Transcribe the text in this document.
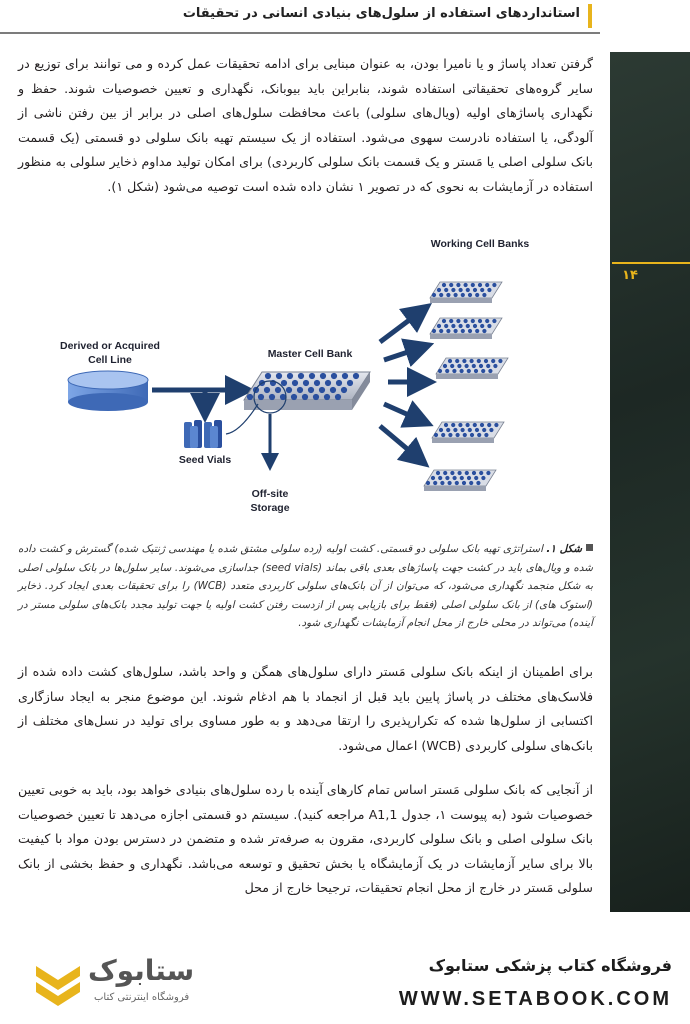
استانداردهای استفاده از سلول‌های بنیادی انسانی در تحقیقات
۱۴

گرفتن تعداد پاساژ و یا نامیرا بودن، به عنوان مبنایی برای ادامه تحقیقات عمل کرده و می توانند برای توزیع در سایر گروه‌های تحقیقاتی استفاده شوند، بنابراین باید بیوبانک، نگهداری و تعیین خصوصیات شوند. حفظ و نگهداری پاساژهای اولیه (ویال‌های سلولی) باعث محافظت سلول‌های اصلی در برابر از بین رفتن ناشی از آلودگی، یا استفاده نادرست سهوی می‌شود. استفاده از یک سیستم تهیه بانک سلولی دو قسمتی (یک قسمت بانک سلولی اصلی یا مَستر و یک قسمت بانک سلولی کاربردی) برای امکان تولید مداوم ذخایر سلولی به منظور استفاده در آزمایشات به نحوی که در تصویر ۱ نشان داده شده است توصیه می‌شود (شکل ۱).

Working Cell Banks
Derived or Acquired
Cell Line	Master Cell Bank
Seed Vials
Off-site
Storage

شکل ۱. استراتژی تهیه بانک سلولی دو قسمتی. کشت اولیه (رده سلولی مشتق شده یا مهندسی ژنتیک شده) گسترش و کشت داده شده و ویال‌های باید در کشت جهت پاساژهای بعدی باقی بماند (seed vials) جداسازی می‌شوند. سایر سلول‌ها در بانک سلولی اصلی به شکل منجمد نگهداری می‌شود، که می‌توان از آن بانک‌های سلولی کاربردی متعدد (WCB) را برای تحقیقات بعدی ایجاد کرد. ذخایر (استوک‌ های) از بانک سلولی اصلی (فقط برای بازیابی پس از ازدست رفتن کشت اولیه یا جهت تولید مجدد بانک‌های سلولی مستر در آینده) می‌تواند در محلی خارج از محل انجام آزمایشات نگهداری شود.

برای اطمینان از اینکه بانک سلولی مَستر دارای سلول‌های همگن و واحد باشد، سلول‌های کشت داده شده از فلاسک‌های مختلف در پاساژ پایین باید قبل از انجماد با هم ادغام شوند. این موضوع منجر به ایجاد سازگاری اکتسابی از سلول‌ها شده که تکرارپذیری را ارتقا می‌دهد و به طور مساوی برای تولید در نسل‌های مختلف از بانک‌های سلولی کاربردی (WCB) اعمال می‌شود.

از آنجایی که بانک سلولی مَستر اساس تمام کارهای آینده با رده سلول‌های بنیادی خواهد بود، باید به خوبی تعیین خصوصیات شود (به پیوست ۱، جدول A1,1 مراجعه کنید). سیستم دو قسمتی اجازه می‌دهد تا تعیین خصوصیات بانک سلولی اصلی و بانک سلولی کاربردی، مقرون به صرفه‌تر شده و متضمن در دسترس بودن مواد با کیفیت بالا برای سایر آزمایشات در یک آزمایشگاه یا بخش تحقیق و توسعه می‌باشد. نگهداری و حفظ بخشی از بانک سلولی مَستر در خارج از محل انجام تحقیقات، ترجیحا خارج از محل

فروشگاه کتاب پزشکی ستابوک
WWW.SETABOOK.COM
ستابوک
فروشگاه اینترنتی کتاب
